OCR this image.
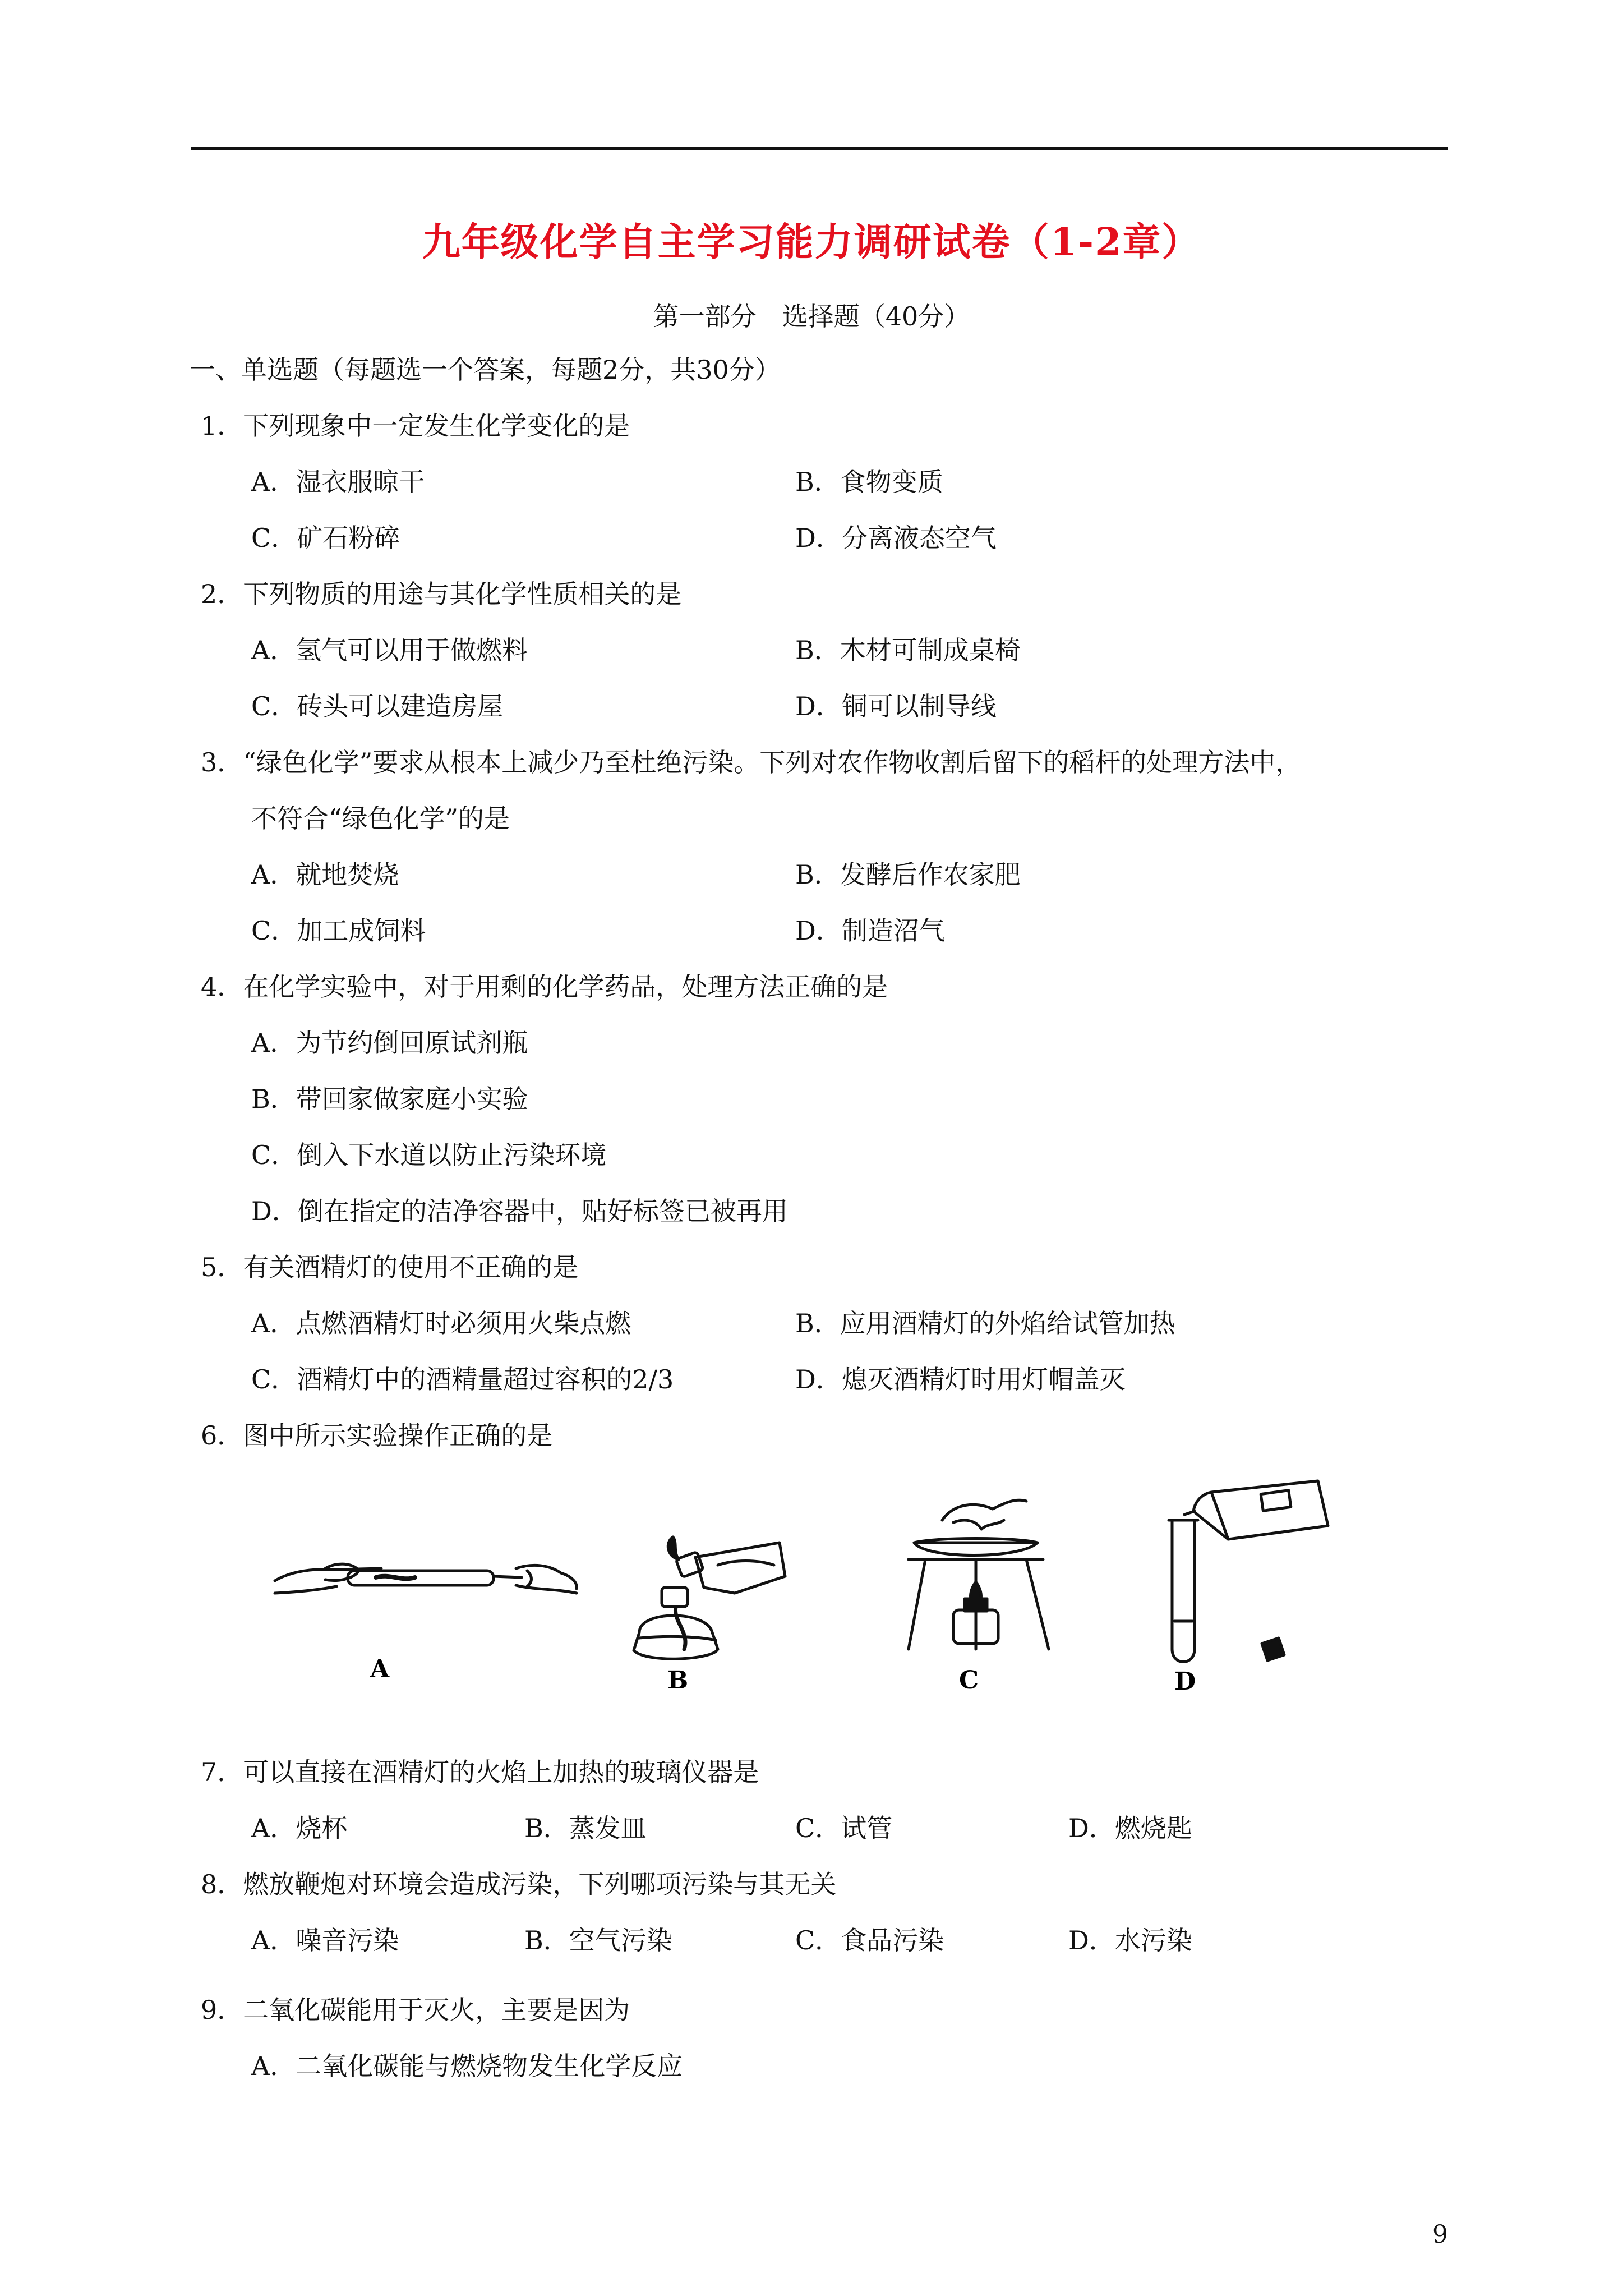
九年级化学自主学习能力调研试卷（1-2章）
第一部分　选择题（40分）
一、单选题（每题选一个答案，每题2分，共30分）
1．下列现象中一定发生化学变化的是
A．湿衣服晾干	B．食物变质
C．矿石粉碎	D．分离液态空气
2．下列物质的用途与其化学性质相关的是
A．氢气可以用于做燃料	B．木材可制成桌椅
C．砖头可以建造房屋	D．铜可以制导线
3．“绿色化学”要求从根本上减少乃至杜绝污染。下列对农作物收割后留下的稻杆的处理方法中，
不符合“绿色化学”的是
A．就地焚烧	B．发酵后作农家肥
C．加工成饲料	D．制造沼气
4．在化学实验中，对于用剩的化学药品，处理方法正确的是
A．为节约倒回原试剂瓶
B．带回家做家庭小实验
C．倒入下水道以防止污染环境
D．倒在指定的洁净容器中，贴好标签已被再用
5．有关酒精灯的使用不正确的是
A．点燃酒精灯时必须用火柴点燃	B．应用酒精灯的外焰给试管加热
C．酒精灯中的酒精量超过容积的2/3	D．熄灭酒精灯时用灯帽盖灭
6．图中所示实验操作正确的是
A	B	C	D
7．可以直接在酒精灯的火焰上加热的玻璃仪器是
A．烧杯	B．蒸发皿	C．试管	D．燃烧匙
8．燃放鞭炮对环境会造成污染，下列哪项污染与其无关
A．噪音污染	B．空气污染	C．食品污染	D．水污染
9．二氧化碳能用于灭火，主要是因为
A．二氧化碳能与燃烧物发生化学反应
9
